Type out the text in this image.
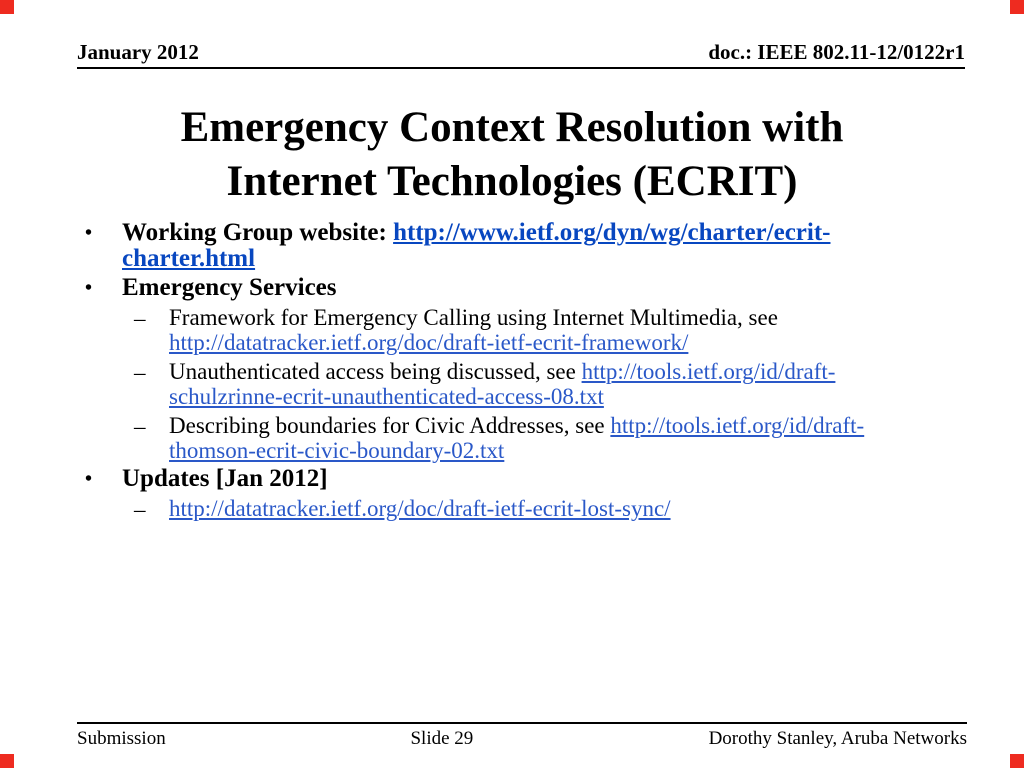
January 2012	doc.: IEEE 802.11-12/0122r1
Emergency Context Resolution with
Internet Technologies (ECRIT)
• Working Group website: http://www.ietf.org/dyn/wg/charter/ecrit-
charter.html
• Emergency Services
– Framework for Emergency Calling using Internet Multimedia, see
http://datatracker.ietf.org/doc/draft-ietf-ecrit-framework/
– Unauthenticated access being discussed, see http://tools.ietf.org/id/draft-
schulzrinne-ecrit-unauthenticated-access-08.txt
– Describing boundaries for Civic Addresses, see http://tools.ietf.org/id/draft-
thomson-ecrit-civic-boundary-02.txt
• Updates [Jan 2012]
– http://datatracker.ietf.org/doc/draft-ietf-ecrit-lost-sync/
Submission	Slide 29	Dorothy Stanley, Aruba Networks
